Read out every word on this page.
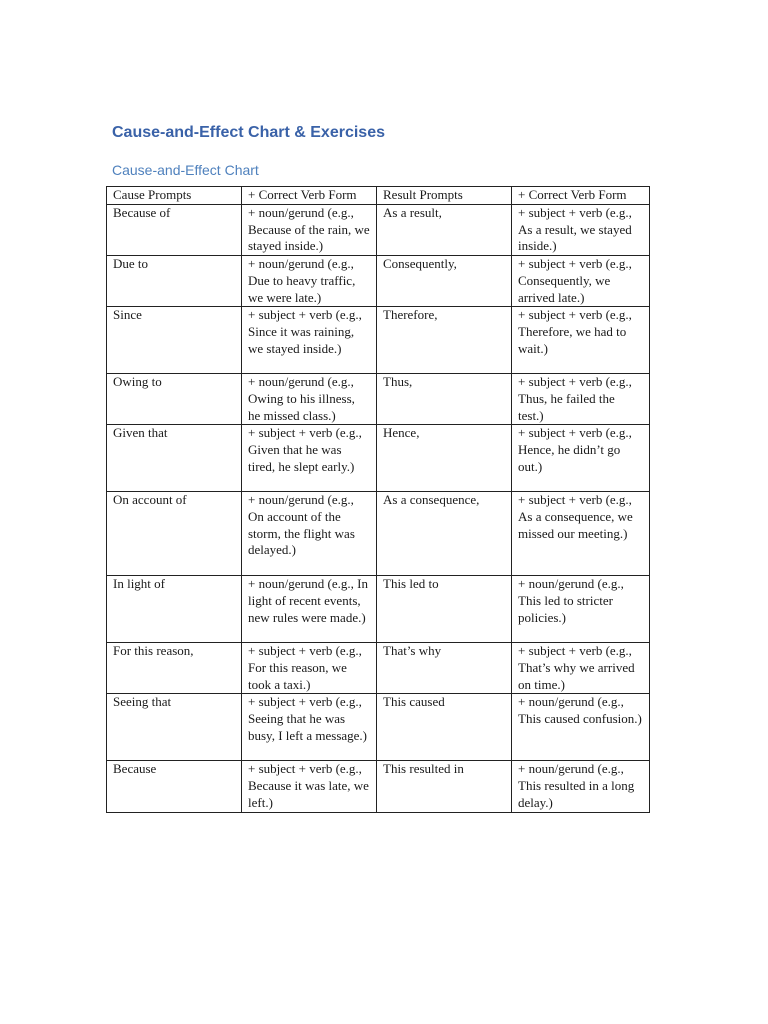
Cause-and-Effect Chart & Exercises
Cause-and-Effect Chart
Cause Prompts	+ Correct Verb Form	Result Prompts	+ Correct Verb Form
Because of	+ noun/gerund (e.g., Because of the rain, we stayed inside.)	As a result,	+ subject + verb (e.g., As a result, we stayed inside.)
Due to	+ noun/gerund (e.g., Due to heavy traffic, we were late.)	Consequently,	+ subject + verb (e.g., Consequently, we arrived late.)
Since	+ subject + verb (e.g., Since it was raining, we stayed inside.)	Therefore,	+ subject + verb (e.g., Therefore, we had to wait.)
Owing to	+ noun/gerund (e.g., Owing to his illness, he missed class.)	Thus,	+ subject + verb (e.g., Thus, he failed the test.)
Given that	+ subject + verb (e.g., Given that he was tired, he slept early.)	Hence,	+ subject + verb (e.g., Hence, he didn’t go out.)
On account of	+ noun/gerund (e.g., On account of the storm, the flight was delayed.)	As a consequence,	+ subject + verb (e.g., As a consequence, we missed our meeting.)
In light of	+ noun/gerund (e.g., In light of recent events, new rules were made.)	This led to	+ noun/gerund (e.g., This led to stricter policies.)
For this reason,	+ subject + verb (e.g., For this reason, we took a taxi.)	That’s why	+ subject + verb (e.g., That’s why we arrived on time.)
Seeing that	+ subject + verb (e.g., Seeing that he was busy, I left a message.)	This caused	+ noun/gerund (e.g., This caused confusion.)
Because	+ subject + verb (e.g., Because it was late, we left.)	This resulted in	+ noun/gerund (e.g., This resulted in a long delay.)
